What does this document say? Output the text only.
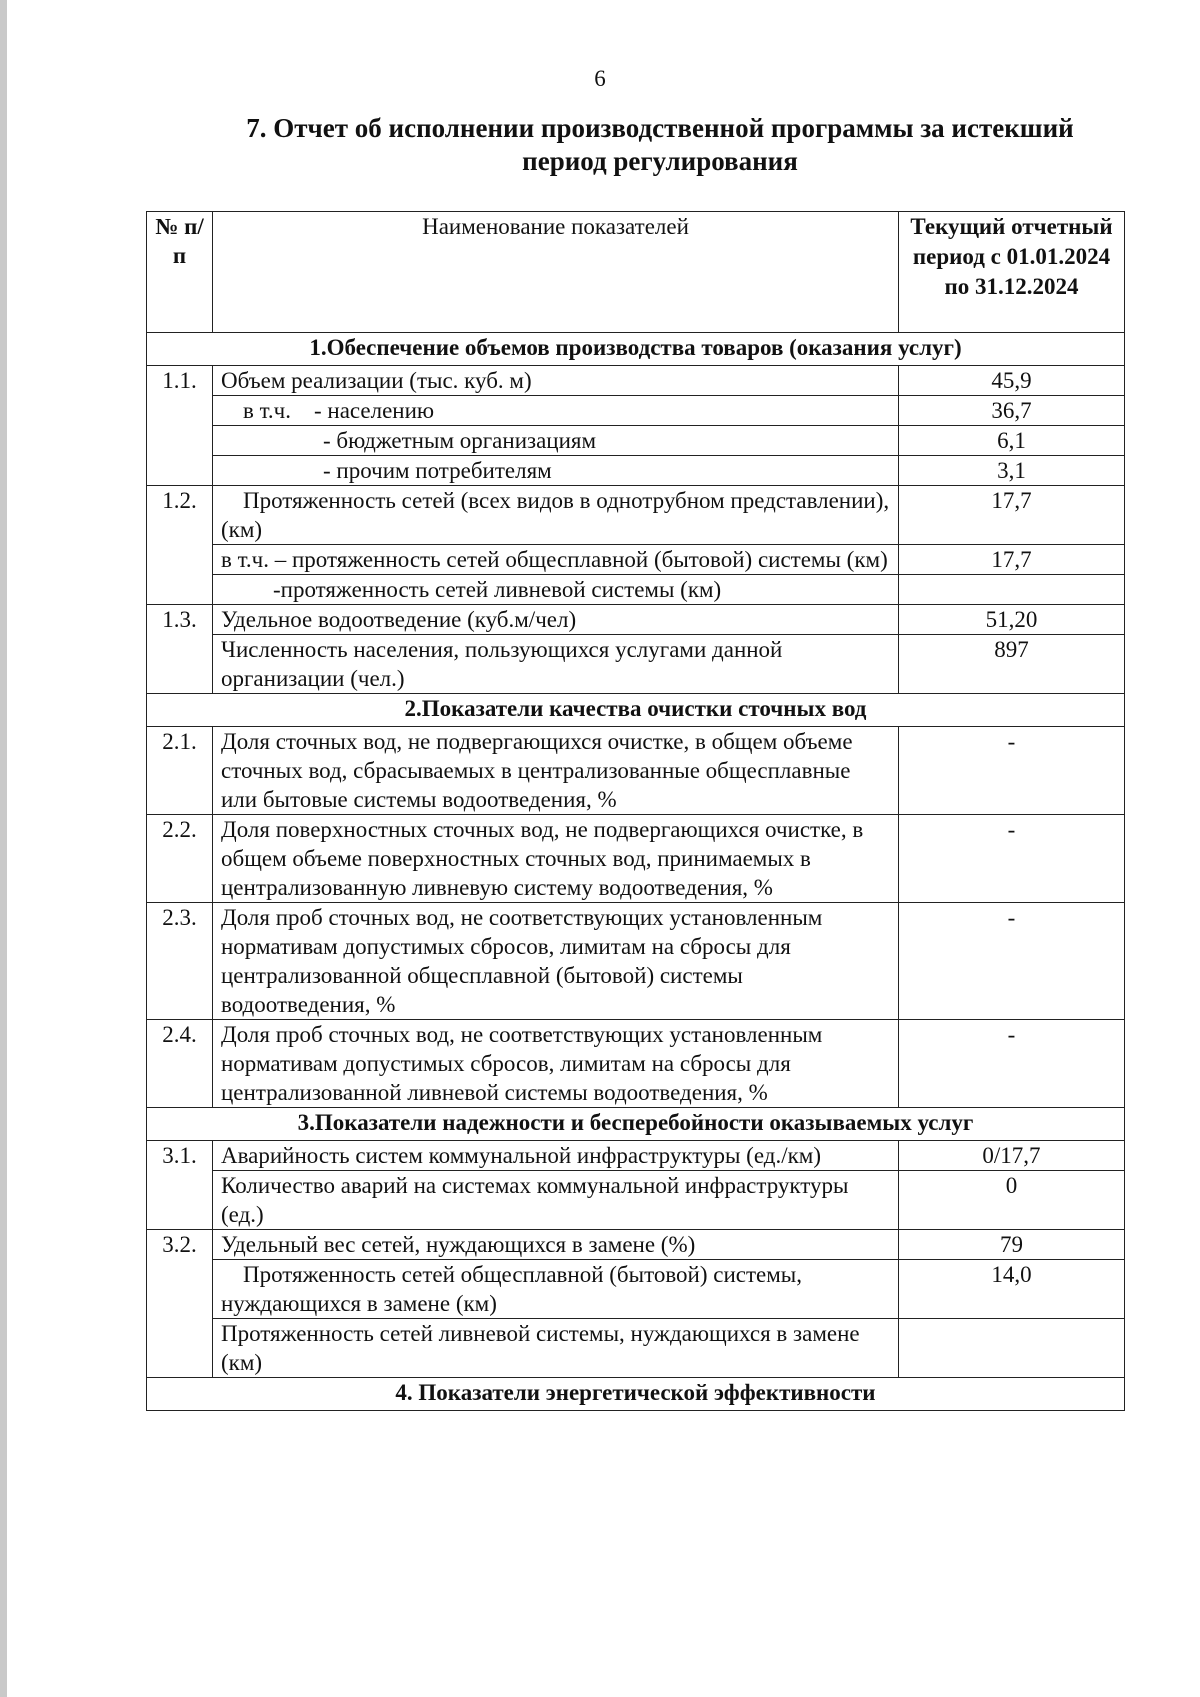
6
7. Отчет об исполнении производственной программы за истекший
период регулирования
№ п/п	Наименование показателей	Текущий отчетный период с 01.01.2024 по 31.12.2024
1.Обеспечение объемов производства товаров (оказания услуг)		
1.1.	Объем реализации (тыс. куб. м)	45,9
	в т.ч.    - населению	36,7
	- бюджетным организациям	6,1
	- прочим потребителям	3,1
1.2.	Протяженность сетей (всех видов в однотрубном представлении), (км)	17,7
	в т.ч. – протяженность сетей общесплавной (бытовой) системы (км)	17,7
	-протяженность сетей ливневой системы (км)	
1.3.	Удельное водоотведение (куб.м/чел)	51,20
	Численность населения, пользующихся услугами данной организации (чел.)	897
2.Показатели качества очистки сточных вод		
2.1.	Доля сточных вод, не подвергающихся очистке, в общем объеме сточных вод, сбрасываемых в централизованные общесплавные или бытовые системы водоотведения, %	-
2.2.	Доля поверхностных сточных вод, не подвергающихся очистке, в общем объеме поверхностных сточных вод, принимаемых в централизованную ливневую систему водоотведения, %	-
2.3.	Доля проб сточных вод, не соответствующих установленным нормативам допустимых сбросов, лимитам на сбросы для централизованной общесплавной (бытовой) системы водоотведения, %	-
2.4.	Доля проб сточных вод, не соответствующих установленным нормативам допустимых сбросов, лимитам на сбросы для централизованной ливневой системы водоотведения, %	-
3.Показатели надежности и бесперебойности оказываемых услуг		
3.1.	Аварийность систем коммунальной инфраструктуры (ед./км)	0/17,7
	Количество аварий на системах коммунальной инфраструктуры (ед.)	0
3.2.	Удельный вес сетей, нуждающихся в замене (%)	79
	Протяженность сетей общесплавной (бытовой) системы, нуждающихся в замене (км)	14,0
	Протяженность сетей ливневой системы, нуждающихся в замене (км)	
4. Показатели энергетической эффективности		
